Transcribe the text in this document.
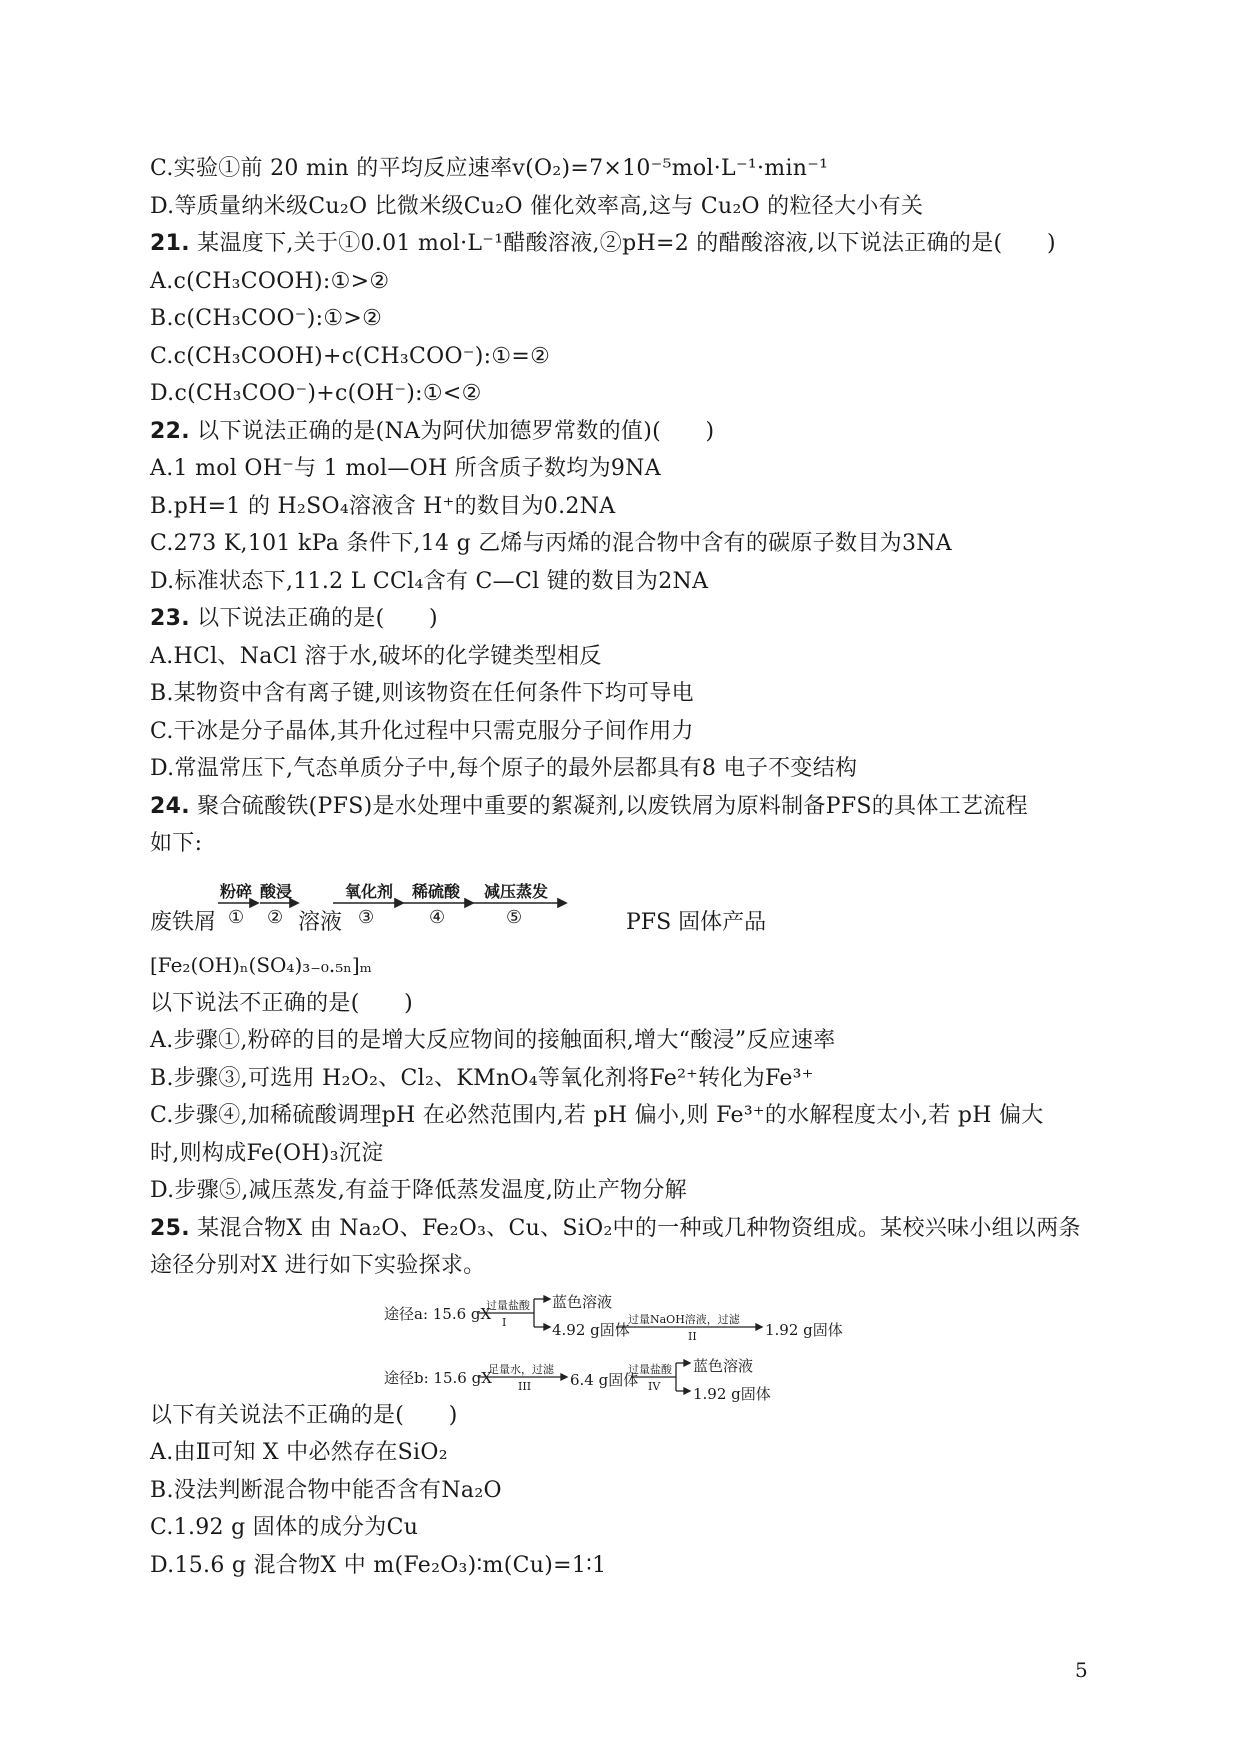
C.实验①前 20 min 的平均反应速率v(O₂)=7×10⁻⁵mol·L⁻¹·min⁻¹
D.等质量纳米级Cu₂O 比微米级Cu₂O 催化效率高,这与 Cu₂O 的粒径大小有关
21. 某温度下,关于①0.01 mol·L⁻¹醋酸溶液,②pH=2 的醋酸溶液,以下说法正确的是(　　)
A.c(CH₃COOH):①>②
B.c(CH₃COO⁻):①>②
C.c(CH₃COOH)+c(CH₃COO⁻):①=②
D.c(CH₃COO⁻)+c(OH⁻):①<②
22. 以下说法正确的是(NA为阿伏加德罗常数的值)(　　)
A.1 mol OH⁻与 1 mol—OH 所含质子数均为9NA
B.pH=1 的 H₂SO₄溶液含 H⁺的数目为0.2NA
C.273 K,101 kPa 条件下,14 g 乙烯与丙烯的混合物中含有的碳原子数目为3NA
D.标准状态下,11.2 L CCl₄含有 C—Cl 键的数目为2NA
23. 以下说法正确的是(　　)
A.HCl、NaCl 溶于水,破坏的化学键类型相反
B.某物资中含有离子键,则该物资在任何条件下均可导电
C.干冰是分子晶体,其升化过程中只需克服分子间作用力
D.常温常压下,气态单质分子中,每个原子的最外层都具有8 电子不变结构
24. 聚合硫酸铁(PFS)是水处理中重要的絮凝剂,以废铁屑为原料制备PFS的具体工艺流程
如下:
粉碎 酸浸	氧化剂 稀硫酸 减压蒸发
废铁屑 ① ② 溶液 ③	④	⑤	PFS 固体产品
[Fe₂(OH)ₙ(SO₄)₃₋₀.₅ₙ]ₘ
以下说法不正确的是(　　)
A.步骤①,粉碎的目的是增大反应物间的接触面积,增大“酸浸”反应速率
B.步骤③,可选用 H₂O₂、Cl₂、KMnO₄等氧化剂将Fe²⁺转化为Fe³⁺
C.步骤④,加稀硫酸调理pH 在必然范围内,若 pH 偏小,则 Fe³⁺的水解程度太小,若 pH 偏大
时,则构成Fe(OH)₃沉淀
D.步骤⑤,减压蒸发,有益于降低蒸发温度,防止产物分解
25. 某混合物X 由 Na₂O、Fe₂O₃、Cu、SiO₂中的一种或几种物资组成。某校兴味小组以两条
途径分别对X 进行如下实验探求。
途径a: 15.6 gX
过量盐酸
I
蓝色溶液
4.92 g固体
过量NaOH溶液，过滤
II	1.92 g固体
途径b: 15.6 gX
足量水，过滤
III	6.4 g固体
过量盐酸
IV
蓝色溶液
1.92 g固体
以下有关说法不正确的是(　　)
A.由Ⅱ可知 X 中必然存在SiO₂
B.没法判断混合物中能否含有Na₂O
C.1.92 g 固体的成分为Cu
D.15.6 g 混合物X 中 m(Fe₂O₃)∶m(Cu)=1∶1
5
